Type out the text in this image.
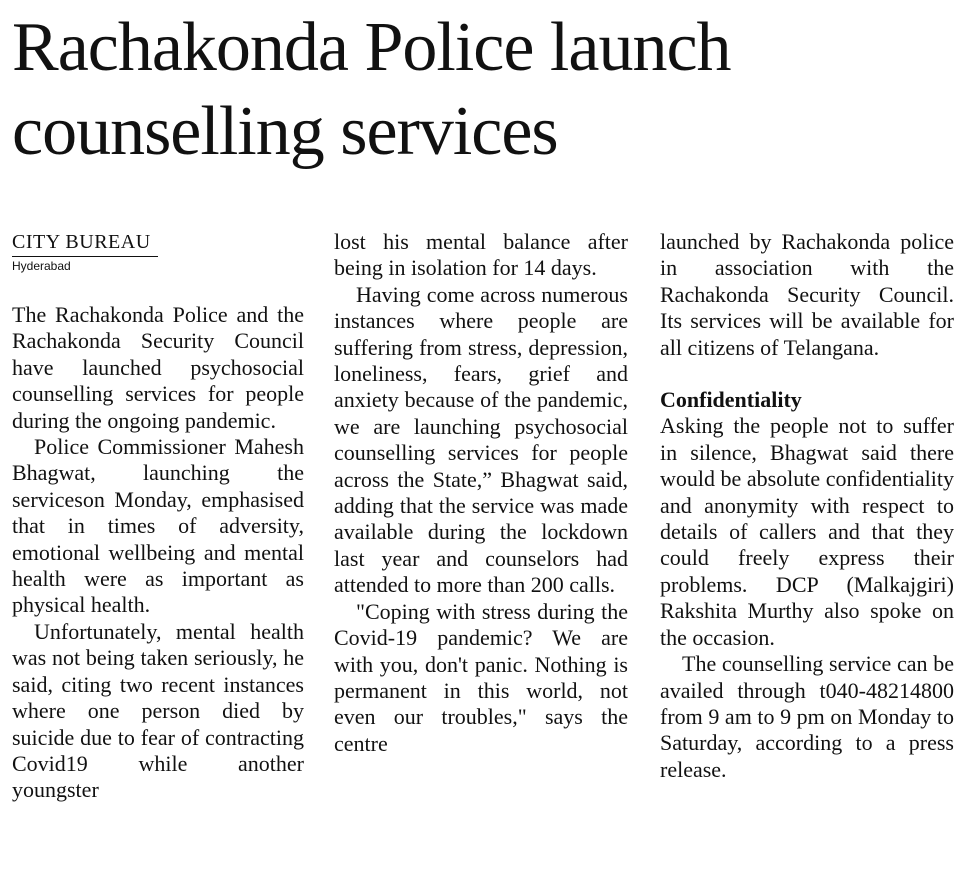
Rachakonda Police launch counselling services
CITY BUREAU
Hyderabad

The Rachakonda Police and the Rachakonda Security Council have launched psychosocial counselling services for people during the ongoing pandemic.

Police Commissioner Mahesh Bhagwat, launching the serviceson Monday, emphasised that in times of adversity, emotional wellbeing and mental health were as important as physical health.

Unfortunately, mental health was not being taken seriously, he said, citing two recent instances where one person died by suicide due to fear of contracting Covid19 while another youngster

lost his mental balance after being in isolation for 14 days.

Having come across numerous instances where people are suffering from stress, depression, loneliness, fears, grief and anxiety because of the pandemic, we are launching psychosocial counselling services for people across the State,” Bhagwat said, adding that the service was made available during the lockdown last year and counselors had attended to more than 200 calls.

"Coping with stress during the Covid-19 pandemic? We are with you, don't panic. Nothing is permanent in this world, not even our troubles," says the centre

launched by Rachakonda police in association with the Rachakonda Security Council. Its services will be available for all citizens of Telangana.

Confidentiality

Asking the people not to suffer in silence, Bhagwat said there would be absolute confidentiality and anonymity with respect to details of callers and that they could freely express their problems. DCP (Malkajgiri) Rakshita Murthy also spoke on the occasion.

The counselling service can be availed through t040-48214800 from 9 am to 9 pm on Monday to Saturday, according to a press release.
